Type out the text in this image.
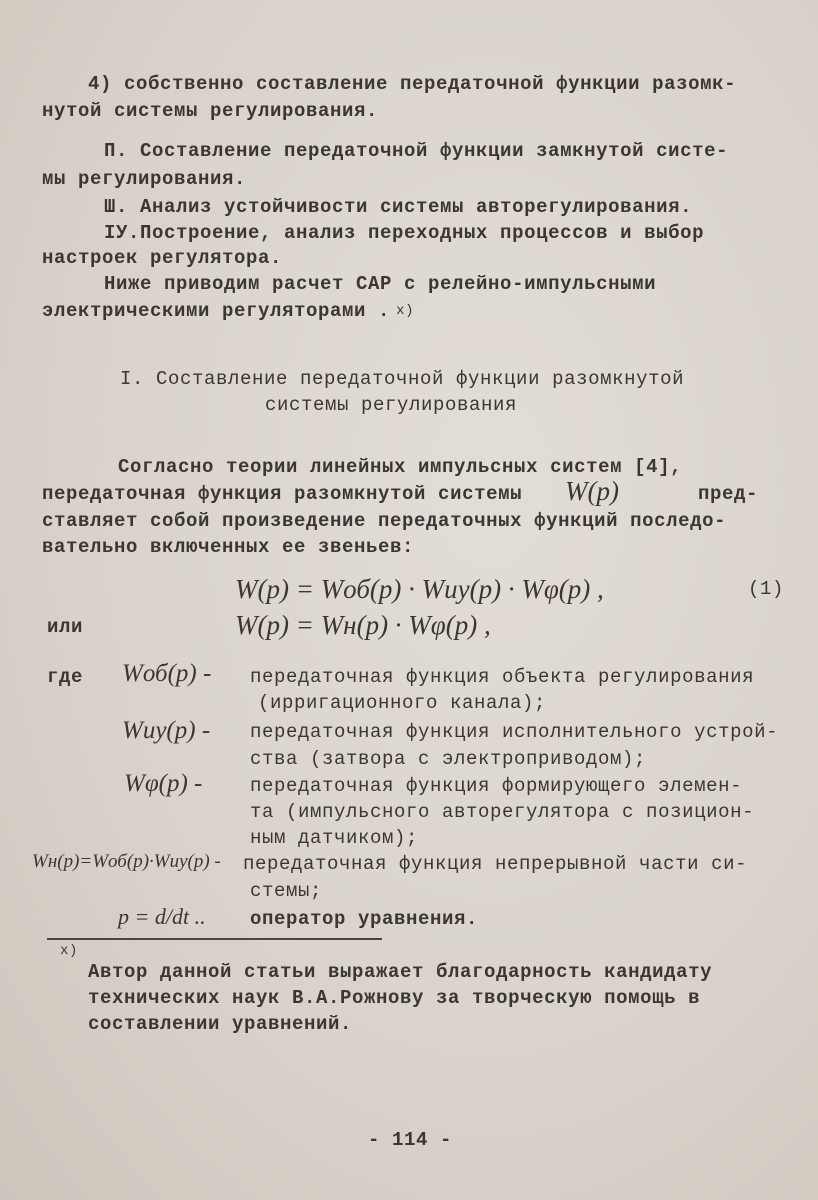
4) собственно составление передаточной функции разомк-
нутой системы регулирования.
П. Составление передаточной функции замкнутой систе-
мы регулирования.
Ш. Анализ устойчивости системы авторегулирования.
IУ.Построение, анализ переходных процессов и выбор
настроек регулятора.
Ниже приводим расчет САР с релейно-импульсными
электрическими регуляторами . x)
I. Составление передаточной функции разомкнутой
системы регулирования
Согласно теории линейных импульсных систем [4],
передаточная функция разомкнутой системы W(p)	пред-
ставляет собой произведение передаточных функций последо-
вательно включенных ее звеньев:
W(p) = Wоб(p) · Wиу(p) · Wφ(p) ,	(1)
или	W(p) = Wн(p) · Wφ(p) ,
где Wоб(p) - передаточная функция объекта регулирования
(ирригационного канала);
Wиу(p) - передаточная функция исполнительного устрой-
ства (затвора с электроприводом);
Wφ(p) -	передаточная функция формирующего элемен-
та (импульсного авторегулятора с позицион-
ным датчиком);
Wн(p)=Wоб(p)·Wиу(p) - передаточная функция непрерывной части си-
стемы;
p = d/dt .. оператор уравнения.
x)
Автор данной статьи выражает благодарность кандидату
технических наук В.А.Рожнову за творческую помощь в
составлении уравнений.
- 114 -
